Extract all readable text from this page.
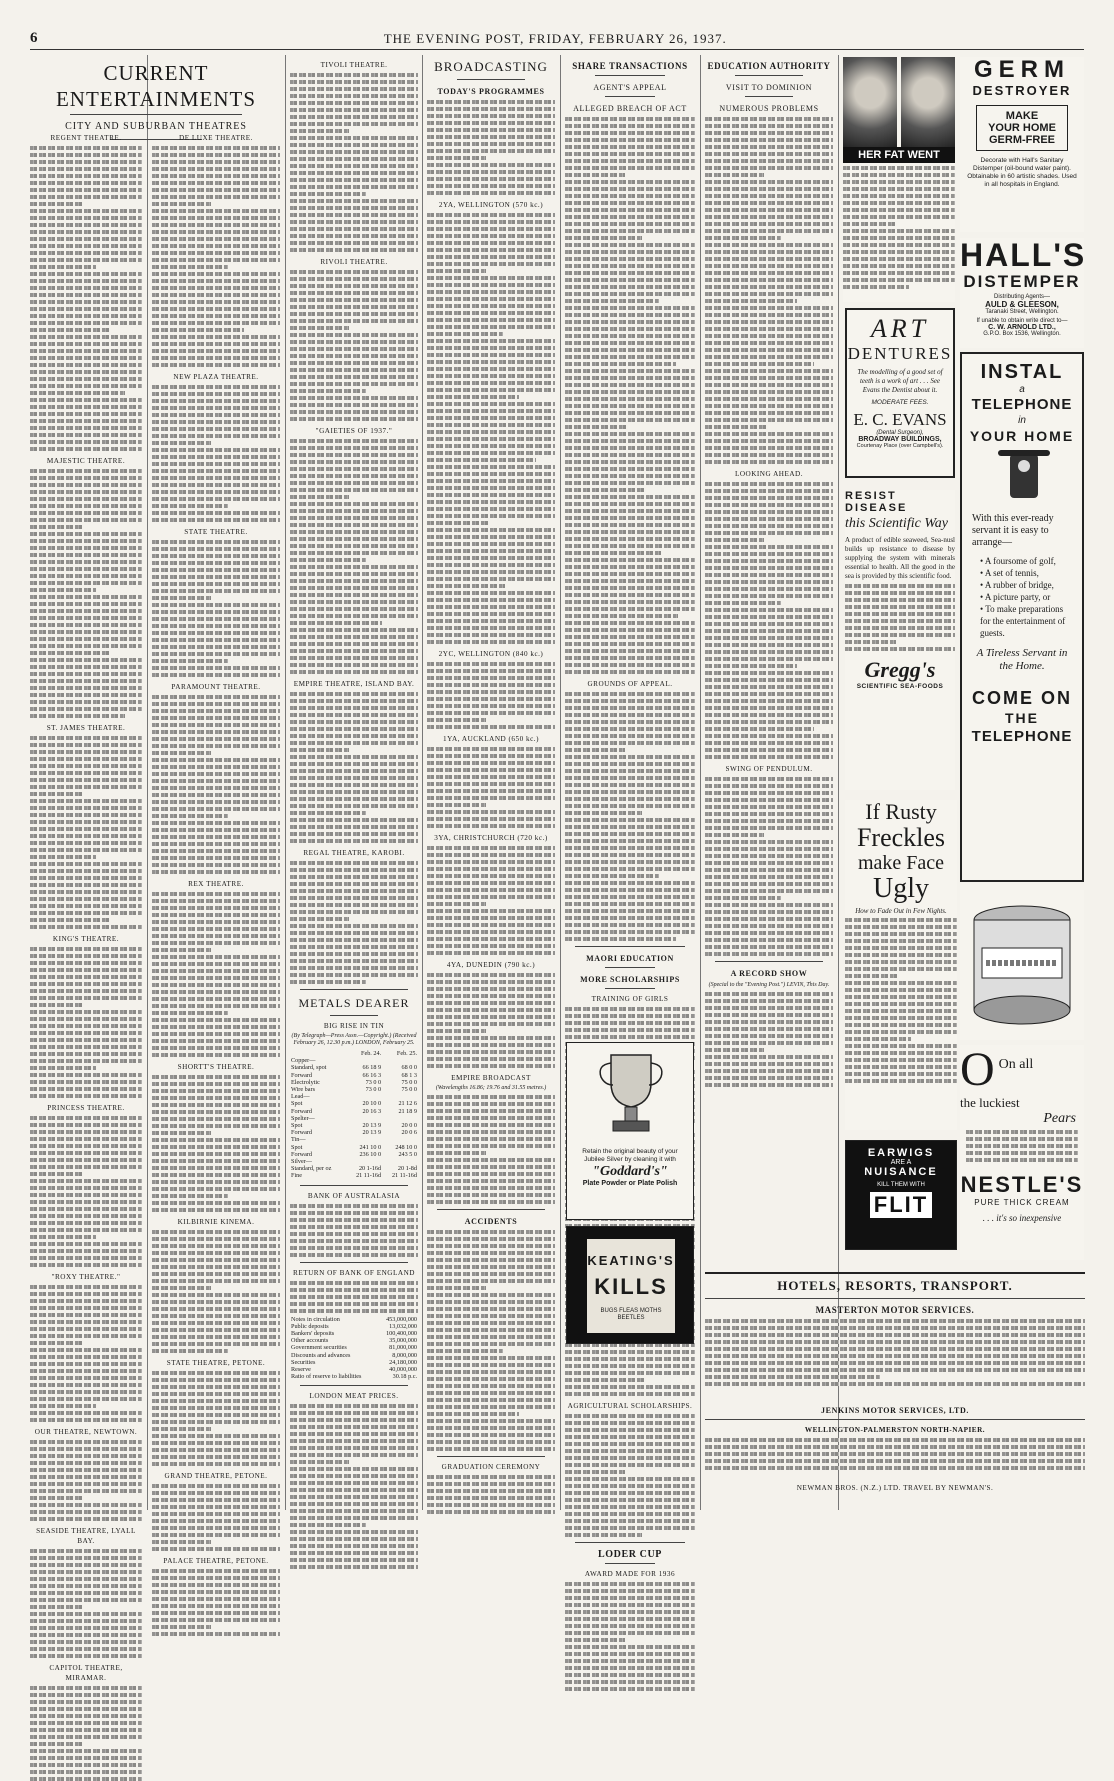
6	THE EVENING POST, FRIDAY, FEBRUARY 26, 1937.
CURRENT ENTERTAINMENTS
CITY AND SUBURBAN THEATRES
REGENT THEATRE.
MAJESTIC THEATRE.
ST. JAMES THEATRE.
KING'S THEATRE.
PRINCESS THEATRE.
"ROXY THEATRE."
OUR THEATRE, NEWTOWN.
SEASIDE THEATRE, LYALL BAY.
CAPITOL THEATRE, MIRAMAR.
DE LUXE THEATRE.
NEW PLAZA THEATRE.
STATE THEATRE.
PARAMOUNT THEATRE.
REX THEATRE.
SHORTT'S THEATRE.
KILBIRNIE KINEMA.
STATE THEATRE, PETONE.
GRAND THEATRE, PETONE.
PALACE THEATRE, PETONE.
TIVOLI THEATRE.
RIVOLI THEATRE.
"GAIETIES OF 1937."
EMPIRE THEATRE, ISLAND BAY.
REGAL THEATRE, KAROBI.
METALS DEARER
BIG RISE IN TIN
(By Telegraph—Press Assn.—Copyright.) (Received February 26, 12.30 p.m.) LONDON, February 25.
	Feb. 24.	Feb. 25.
Copper—		
Standard, spot	66 18 9	68 0 0
Forward	66 16 3	68 1 3
Electrolytic	73 0 0	75 0 0
Wire bars	73 0 0	75 0 0
Lead—		
Spot	20 10 0	21 12 6
Forward	20 16 3	21 18 9
Spelter—		
Spot	20 13 9	20 0 0
Forward	20 13 9	20 0 6
Tin—		
Spot	241 10 0	248 10 0
Forward	236 10 0	243 5 0
Silver—		
Standard, per oz	20 1-16d	20 1-8d
Fine	21 11-16d	21 11-16d
BANK OF AUSTRALASIA
RETURN OF BANK OF ENGLAND
Notes in circulation	453,000,000
Public deposits	13,032,000
Bankers' deposits	100,400,000
Other accounts	35,000,000
Government securities	81,000,000
Discounts and advances	8,000,000
Securities	24,180,000
Reserve	40,000,000
Ratio of reserve to liabilities	30.18 p.c.
LONDON MEAT PRICES.
BROADCASTING
TODAY'S PROGRAMMES
2YA, WELLINGTON (570 kc.)
2YC, WELLINGTON (840 kc.)
1YA, AUCKLAND (650 kc.)
3YA, CHRISTCHURCH (720 kc.)
4YA, DUNEDIN (790 kc.)
EMPIRE BROADCAST
(Wavelengths 16.86; 19.76 and 31.55 metres.)
ACCIDENTS
GRADUATION CEREMONY
SHARE TRANSACTIONS
AGENT'S APPEAL
ALLEGED BREACH OF ACT
GROUNDS OF APPEAL.
MAORI EDUCATION
MORE SCHOLARSHIPS
TRAINING OF GIRLS
AGRICULTURAL SCHOLARSHIPS.
LODER CUP
AWARD MADE FOR 1936
EDUCATION AUTHORITY
VISIT TO DOMINION
NUMEROUS PROBLEMS
LOOKING AHEAD.
SWING OF PENDULUM.
A RECORD SHOW
(Special to the "Evening Post.") LEVIN, This Day.
Retain the original beauty of your Jubilee Silver by cleaning it with
"Goddard's"
Plate Powder or Plate Polish
KEATING'S
KILLS
BUGS FLEAS MOTHS BEETLES
HER FAT WENT
GERM
DESTROYER
MAKE
YOUR HOME
GERM-FREE
Decorate with Hall's Sanitary Distemper (oil-bound water paint). Obtainable in 60 artistic shades. Used in all hospitals in England.
HALL'S
DISTEMPER
Distributing Agents—
AULD & GLEESON,
Taranaki Street, Wellington.
If unable to obtain write direct to—
C. W. ARNOLD LTD.,
G.P.O. Box 1536, Wellington.
ART
DENTURES
The modelling of a good set of teeth is a work of art . . . See Evans the Dentist about it.
MODERATE FEES.
E. C. EVANS
(Dental Surgeon),
BROADWAY BUILDINGS,
Courtenay Place (over Campbell's).
INSTAL
a
TELEPHONE
in
YOUR HOME
With this ever-ready servant it is easy to arrange—
• A foursome of golf,
• A set of tennis,
• A rubber of bridge,
• A picture party, or
• To make preparations for the entertainment of guests.
A Tireless Servant in the Home.
COME ON
THE
TELEPHONE
RESIST
DISEASE
this Scientific Way
A product of edible seaweed, Sea-nusl builds up resistance to disease by supplying the system with minerals essential to health. All the good in the sea is provided by this scientific food.
Gregg's
SCIENTIFIC SEA-FOODS
If Rusty
Freckles
make Face
Ugly
How to Fade Out in Few Nights.
EARWIGS
ARE A
NUISANCE
KILL THEM WITH
FLIT
O On all
the luckiest
Pears
NESTLE'S
PURE THICK CREAM
. . . it's so inexpensive
HOTELS, RESORTS, TRANSPORT.
MASTERTON MOTOR SERVICES.
JENKINS MOTOR SERVICES, LTD.
WELLINGTON-PALMERSTON NORTH-NAPIER.
NEWMAN BROS. (N.Z.) LTD. TRAVEL BY NEWMAN'S.
